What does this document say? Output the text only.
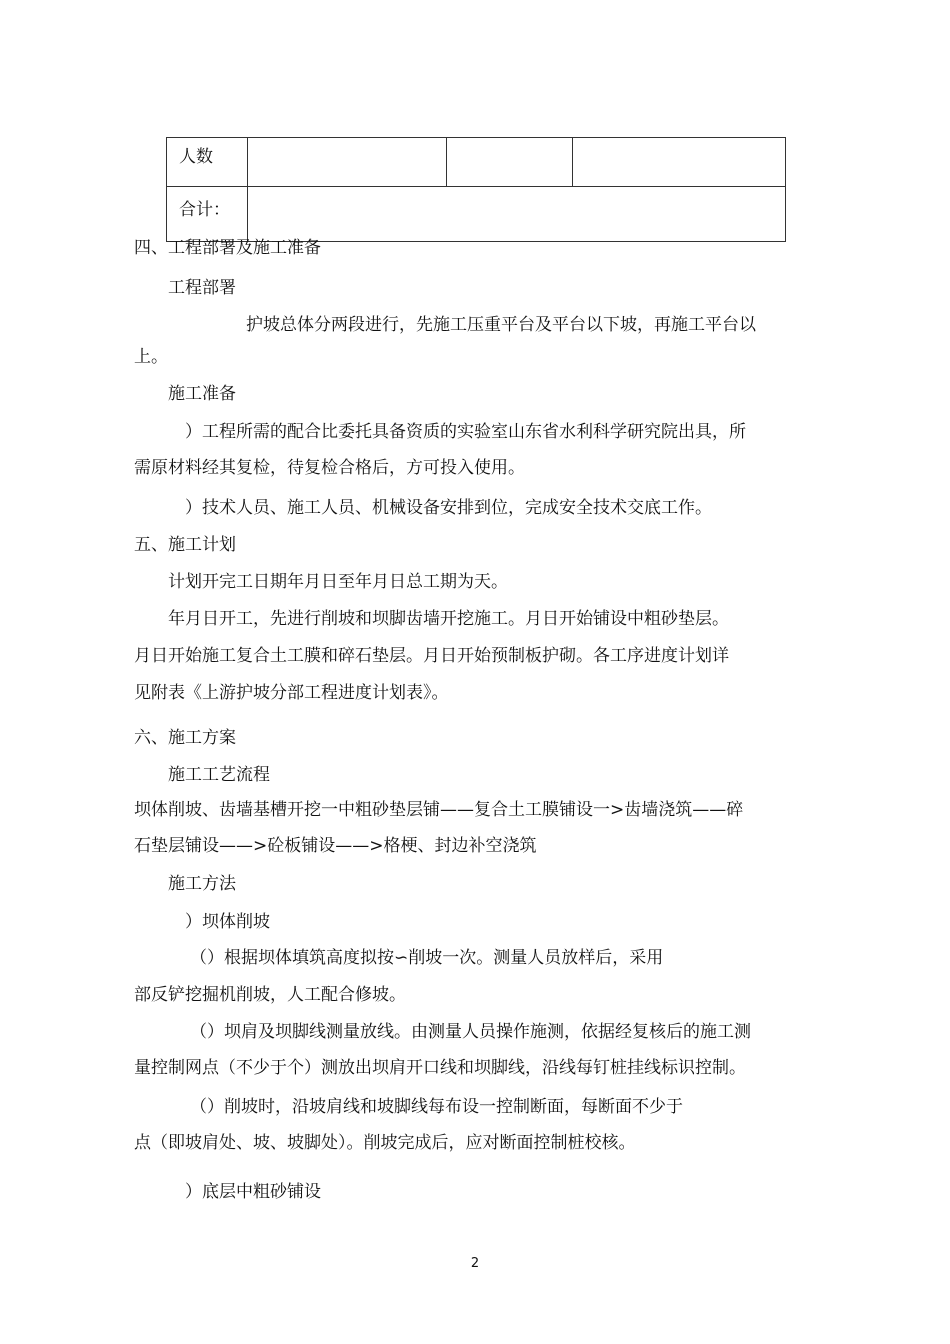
人数			
合计：			
四、工程部署及施工准备
工程部署
护坡总体分两段进行，先施工压重平台及平台以下坡，再施工平台以
上。
施工准备
）工程所需的配合比委托具备资质的实验室山东省水利科学研究院出具，所
需原材料经其复检，待复检合格后，方可投入使用。
）技术人员、施工人员、机械设备安排到位，完成安全技术交底工作。
五、施工计划
计划开完工日期年月日至年月日总工期为天。
年月日开工，先进行削坡和坝脚齿墙开挖施工。月日开始铺设中粗砂垫层。
月日开始施工复合土工膜和碎石垫层。月日开始预制板护砌。各工序进度计划详
见附表《上游护坡分部工程进度计划表》。
六、施工方案
施工工艺流程
坝体削坡、齿墙基槽开挖一中粗砂垫层铺——复合土工膜铺设一>齿墙浇筑——碎
石垫层铺设——>砼板铺设——>格梗、封边补空浇筑
施工方法
）坝体削坡
（）根据坝体填筑高度拟按∽削坡一次。测量人员放样后，采用
部反铲挖掘机削坡，人工配合修坡。
（）坝肩及坝脚线测量放线。由测量人员操作施测，依据经复核后的施工测
量控制网点（不少于个）测放出坝肩开口线和坝脚线，沿线每钉桩挂线标识控制。
（）削坡时，沿坡肩线和坡脚线每布设一控制断面，每断面不少于
点（即坡肩处、坡、坡脚处）。削坡完成后，应对断面控制桩校核。
）底层中粗砂铺设
2
